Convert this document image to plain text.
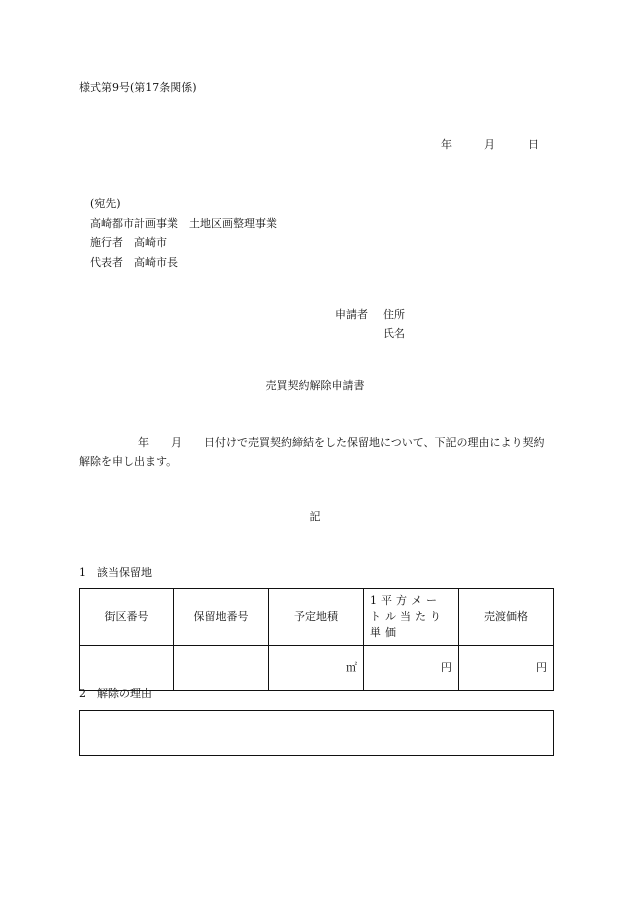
様式第9号(第17条関係)
年	月	日
(宛先)
高崎都市計画事業　土地区画整理事業
施行者　高崎市
代表者　高崎市長
申請者 住所
氏名
売買契約解除申請書
年 月 日付けで売買契約締結をした保留地について、下記の理由により契約解除を申し出ます。
記
1　該当保留地
街区番号	保留地番号	予定地積	1平方メートル当たり単価	売渡価格
		㎡	円	円
2　解除の理由
